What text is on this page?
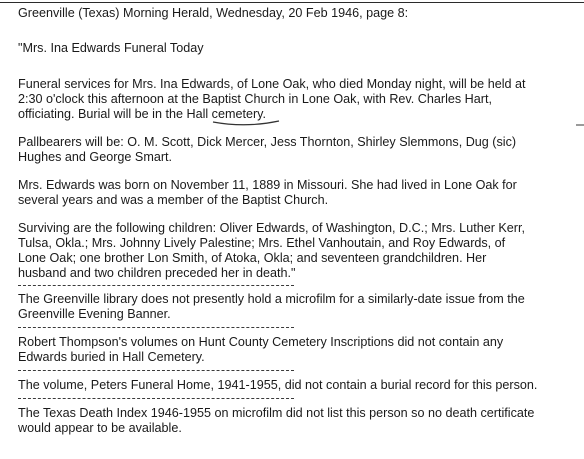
Greenville (Texas) Morning Herald, Wednesday, 20 Feb 1946, page 8:
"Mrs. Ina Edwards Funeral Today
Funeral services for Mrs. Ina Edwards, of Lone Oak, who died Monday night, will be held at
2:30 o'clock this afternoon at the Baptist Church in Lone Oak, with Rev. Charles Hart,
officiating. Burial will be in the Hall cemetery.
Pallbearers will be: O. M. Scott, Dick Mercer, Jess Thornton, Shirley Slemmons, Dug (sic)
Hughes and George Smart.
Mrs. Edwards was born on November 11, 1889 in Missouri. She had lived in Lone Oak for
several years and was a member of the Baptist Church.
Surviving are the following children: Oliver Edwards, of Washington, D.C.; Mrs. Luther Kerr,
Tulsa, Okla.; Mrs. Johnny Lively Palestine; Mrs. Ethel Vanhoutain, and Roy Edwards, of
Lone Oak; one brother Lon Smith, of Atoka, Okla; and seventeen grandchildren. Her
husband and two children preceded her in death."
The Greenville library does not presently hold a microfilm for a similarly-date issue from the
Greenville Evening Banner.
Robert Thompson's volumes on Hunt County Cemetery Inscriptions did not contain any
Edwards buried in Hall Cemetery.
The volume, Peters Funeral Home, 1941-1955, did not contain a burial record for this person.
The Texas Death Index 1946-1955 on microfilm did not list this person so no death certificate
would appear to be available.
